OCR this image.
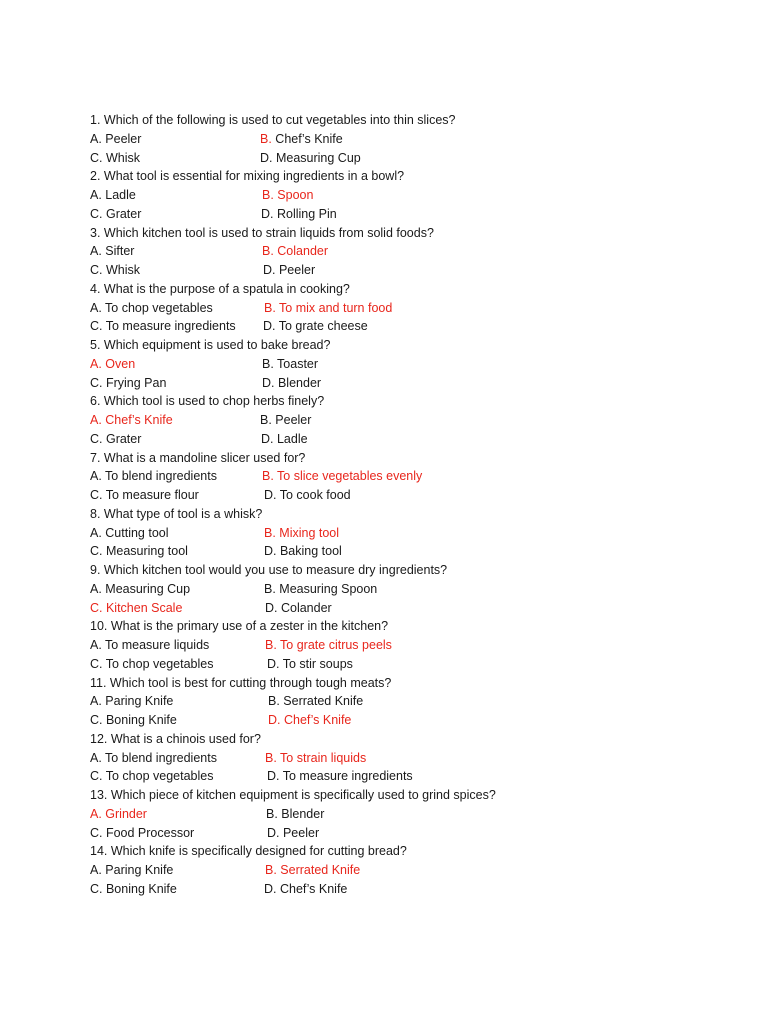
1. Which of the following is used to cut vegetables into thin slices?
A. Peeler	B. Chef’s Knife
C. Whisk	D. Measuring Cup
2. What tool is essential for mixing ingredients in a bowl?
A. Ladle	B. Spoon
C. Grater	D. Rolling Pin
3. Which kitchen tool is used to strain liquids from solid foods?
A. Sifter	B. Colander
C. Whisk	D. Peeler
4. What is the purpose of a spatula in cooking?
A. To chop vegetables	B. To mix and turn food
C. To measure ingredients D. To grate cheese
5. Which equipment is used to bake bread?
A. Oven	B. Toaster
C. Frying Pan	D. Blender
6. Which tool is used to chop herbs finely?
A. Chef’s Knife	B. Peeler
C. Grater	D. Ladle
7. What is a mandoline slicer used for?
A. To blend ingredients	B. To slice vegetables evenly
C. To measure flour	D. To cook food
8. What type of tool is a whisk?
A. Cutting tool	B. Mixing tool
C. Measuring tool	D. Baking tool
9. Which kitchen tool would you use to measure dry ingredients?
A. Measuring Cup	B. Measuring Spoon
C. Kitchen Scale	D. Colander
10. What is the primary use of a zester in the kitchen?
A. To measure liquids	B. To grate citrus peels
C. To chop vegetables	D. To stir soups
11. Which tool is best for cutting through tough meats?
A. Paring Knife	B. Serrated Knife
C. Boning Knife	D. Chef’s Knife
12. What is a chinois used for?
A. To blend ingredients	B. To strain liquids
C. To chop vegetables	D. To measure ingredients
13. Which piece of kitchen equipment is specifically used to grind spices?
A. Grinder	B. Blender
C. Food Processor	D. Peeler
14. Which knife is specifically designed for cutting bread?
A. Paring Knife	B. Serrated Knife
C. Boning Knife	D. Chef’s Knife
